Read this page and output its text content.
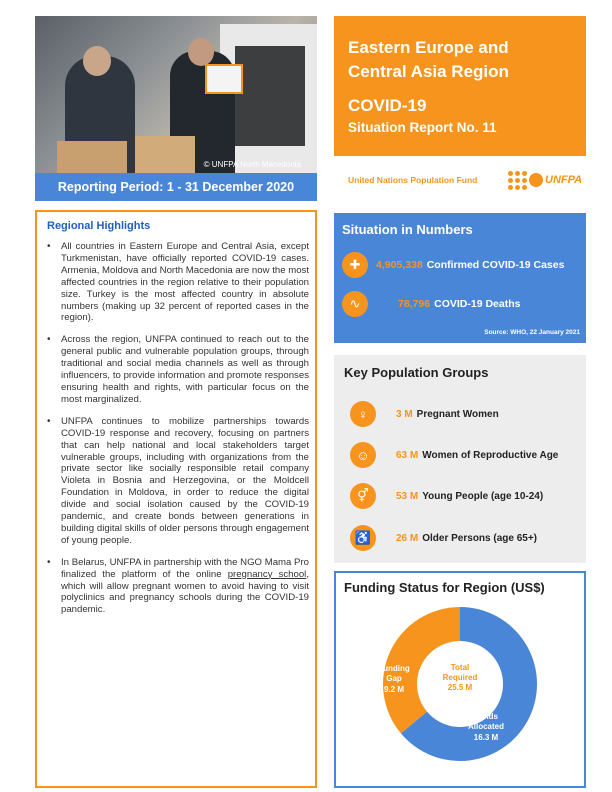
© UNFPA North Macedonia
Reporting Period: 1 - 31 December 2020
Eastern Europe and
Central Asia Region
COVID-19
Situation Report No. 11
United Nations Population Fund	UNFPA
Regional Highlights
• All countries in Eastern Europe and Central Asia, except Turkmenistan, have officially reported COVID-19 cases. Armenia, Moldova and North Macedonia are now the most affected countries in the region relative to their population size. Turkey is the most affected country in absolute numbers (making up 32 percent of reported cases in the region).
• Across the region, UNFPA continued to reach out to the general public and vulnerable population groups, through traditional and social media channels as well as through influencers, to provide information and promote responses ensuring health and rights, with particular focus on the most marginalized.
• UNFPA continues to mobilize partnerships towards COVID-19 response and recovery, focusing on partners that can help national and local stakeholders target vulnerable groups, including with organizations from the private sector like socially responsible retail company Violeta in Bosnia and Herzegovina, or the Moldcell Foundation in Moldova, in order to reduce the digital divide and social isolation caused by the COVID-19 pandemic, and create bonds between generations in building digital skills of older persons through engagement of young people.
• In Belarus, UNFPA in partnership with the NGO Mama Pro finalized the platform of the online pregnancy school, which will allow pregnant women to avoid having to visit polyclinics and pregnancy schools during the COVID-19 pandemic.
Situation in Numbers
✚	4,905,338 Confirmed COVID-19 Cases
∿	78,796 COVID-19 Deaths
Source: WHO, 22 January 2021
Key Population Groups
♀	3 M Pregnant Women
☺	63 M Women of Reproductive Age
⚥	53 M Young People (age 10-24)
♿	26 M Older Persons (age 65+)
Funding Status for Region (US$)
Total
Required
25.5 M
Funds
Allocated
16.3 M
Funding
Gap
9.2 M
